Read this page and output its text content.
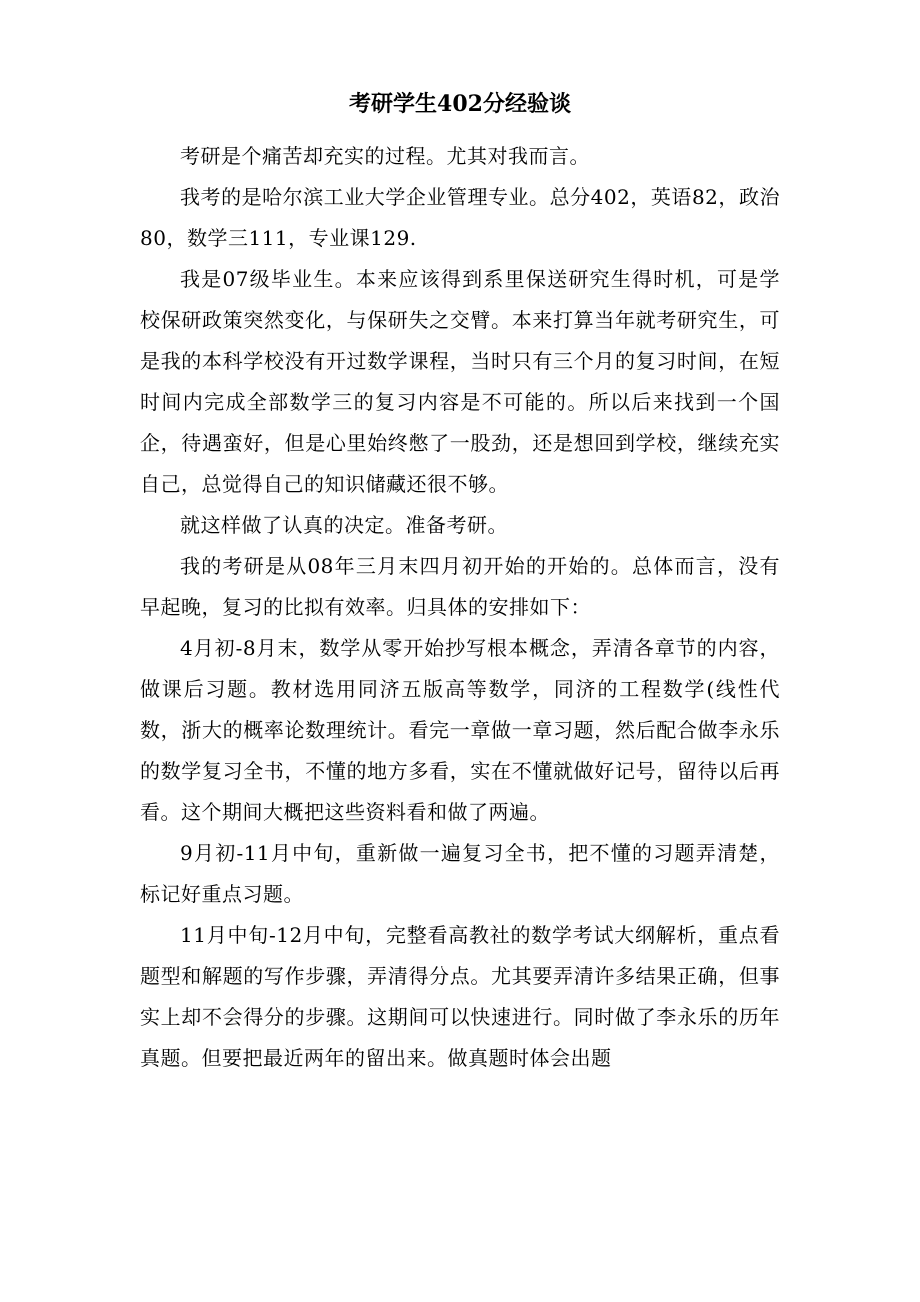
考研学生402分经验谈

考研是个痛苦却充实的过程。尤其对我而言。

我考的是哈尔滨工业大学企业管理专业。总分402，英语82，政治80，数学三111，专业课129.

我是07级毕业生。本来应该得到系里保送研究生得时机，可是学校保研政策突然变化，与保研失之交臂。本来打算当年就考研究生，可是我的本科学校没有开过数学课程，当时只有三个月的复习时间，在短时间内完成全部数学三的复习内容是不可能的。所以后来找到一个国企，待遇蛮好，但是心里始终憋了一股劲，还是想回到学校，继续充实自己，总觉得自己的知识储藏还很不够。

就这样做了认真的决定。准备考研。

我的考研是从08年三月末四月初开始的开始的。总体而言，没有早起晚，复习的比拟有效率。归具体的安排如下：

4月初-8月末，数学从零开始抄写根本概念，弄清各章节的内容，做课后习题。教材选用同济五版高等数学，同济的工程数学(线性代数，浙大的概率论数理统计。看完一章做一章习题，然后配合做李永乐的数学复习全书，不懂的地方多看，实在不懂就做好记号，留待以后再看。这个期间大概把这些资料看和做了两遍。

9月初-11月中旬，重新做一遍复习全书，把不懂的习题弄清楚，标记好重点习题。

11月中旬-12月中旬，完整看高教社的数学考试大纲解析，重点看题型和解题的写作步骤，弄清得分点。尤其要弄清许多结果正确，但事实上却不会得分的步骤。这期间可以快速进行。同时做了李永乐的历年真题。但要把最近两年的留出来。做真题时体会出题
